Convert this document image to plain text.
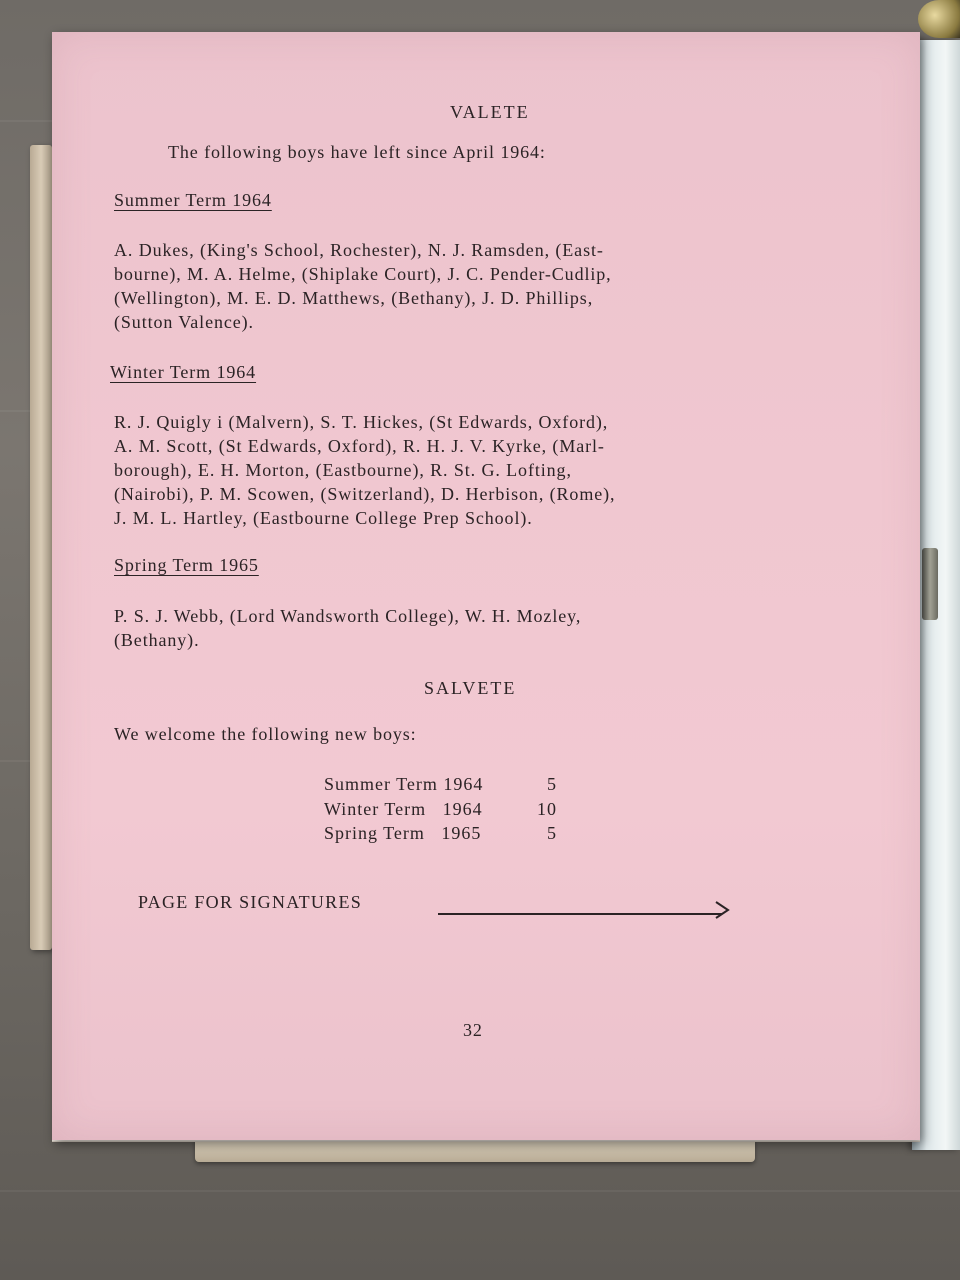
VALETE
The following boys have left since April 1964:
Summer Term 1964
A. Dukes, (King's School, Rochester), N. J. Ramsden, (East-
bourne), M. A. Helme, (Shiplake Court), J. C. Pender-Cudlip,
(Wellington), M. E. D. Matthews, (Bethany), J. D. Phillips,
(Sutton Valence).
Winter Term 1964
R. J. Quigly i (Malvern), S. T. Hickes, (St Edwards, Oxford),
A. M. Scott, (St Edwards, Oxford), R. H. J. V. Kyrke, (Marl-
borough), E. H. Morton, (Eastbourne), R. St. G. Lofting,
(Nairobi), P. M. Scowen, (Switzerland), D. Herbison, (Rome),
J. M. L. Hartley, (Eastbourne College Prep School).
Spring Term 1965
P. S. J. Webb, (Lord Wandsworth College), W. H. Mozley,
(Bethany).
SALVETE
We welcome the following new boys:
Summer Term 1964	5
Winter Term   1964	10
Spring Term   1965	5
PAGE FOR SIGNATURES
32
